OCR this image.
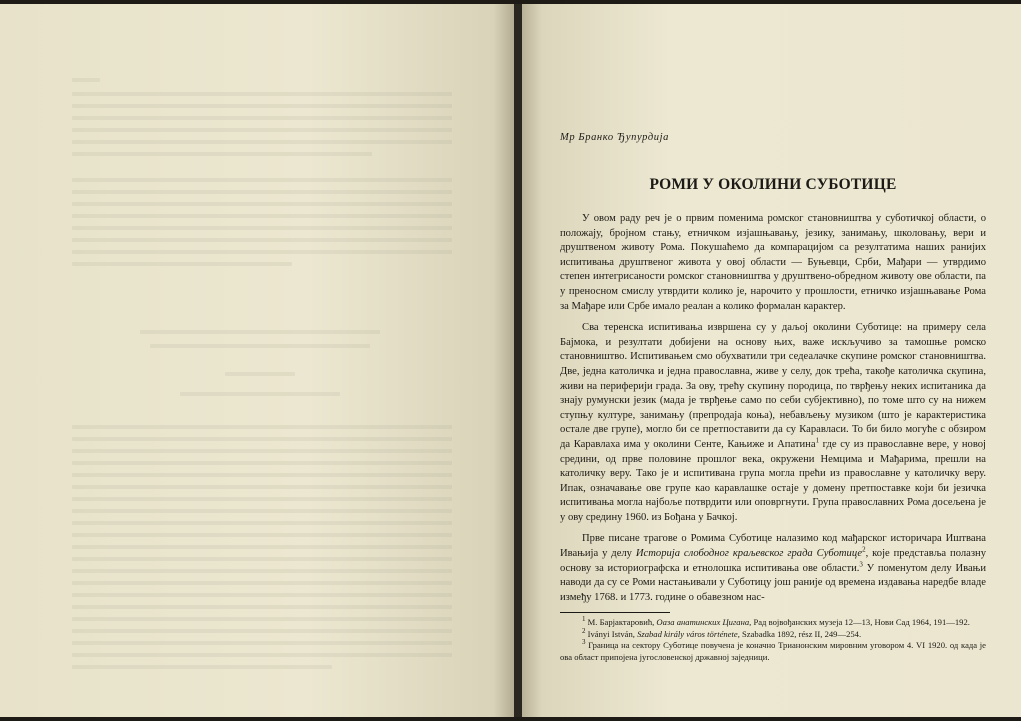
Мр Бранко Ђупурдија

РОМИ У ОКОЛИНИ СУБОТИЦЕ

У овом раду реч је о првим поменима ромског становништва у суботичкој области, о положају, бројном стању, етничком изјашњавању, језику, занимању, школовању, вери и друштвеном животу Рома. Покушаћемо да компарацијом са резултатима наших ранијих испитивања друштвеног живота у овој области — Буњевци, Срби, Мађари — утврдимо степен интегрисаности ромског становништва у друштвено-обредном животу ове области, па у преносном смислу утврдити колико је, нарочито у прошлости, етничко изјашњавање Рома за Мађаре или Србе имало реалан а колико формалан карактер.

Сва теренска испитивања извршена су у даљој околини Суботице: на примеру села Бајмока, и резултати добијени на основу њих, важе искључиво за тамошње ромско становништво. Испитивањем смо обухватили три седеалачке скупине ромског становништва. Две, једна католичка и једна православна, живе у селу, док трећа, такође католичка скупина, живи на периферији града. За ову, трећу скупину породица, по тврђењу неких испитаника да знају румунски језик (мада је тврђење само по себи субјективно), по томе што су на нижем ступњу културе, занимању (препродаја коња), небављењу музиком (што је карактеристика остале две групе), могло би се претпоставити да су Каравласи. То би било могуће с обзиром да Каравлаха има у околини Сенте, Кањиже и Апатина$^1$ где су из православне вере, у новој средини, од прве половине прошлог века, окружени Немцима и Мађарима, прешли на католичку веру. Тако је и испитивана група могла прећи из православне у католичку веру. Ипак, означавање ове групе као каравлашке остаје у домену претпоставке који би језичка испитивања могла најбоље потврдити или оповргнути. Група православних Рома досељена је у ову средину 1960. из Бођана у Бачкој.

Прве писане трагове о Ромима Суботице налазимо код мађарског историчара Иштвана Ивањија у делу Историја слободног краљевског града Суботице$^2$, које представља полазну основу за историографска и етнолошка испитивања ове области.$^3$ У поменутом делу Ивањи наводи да су се Роми настањивали у Суботицу још раније од времена издавања наредбе владе између 1768. и 1773. године о обавезном нас-

$^1$ М. Барјактаровић, Оаза анатинских Цигана, Рад војвођанских музеја 12—13, Нови Сад 1964, 191—192.

$^2$ Iványi István, Szabad király város története, Szabadka 1892, rész II, 249—254.

$^3$ Граница на сектору Суботице повучена је коначно Трианонским мировним уговором 4. VI 1920. од када је ова област припојена југословенској државној заједници.
